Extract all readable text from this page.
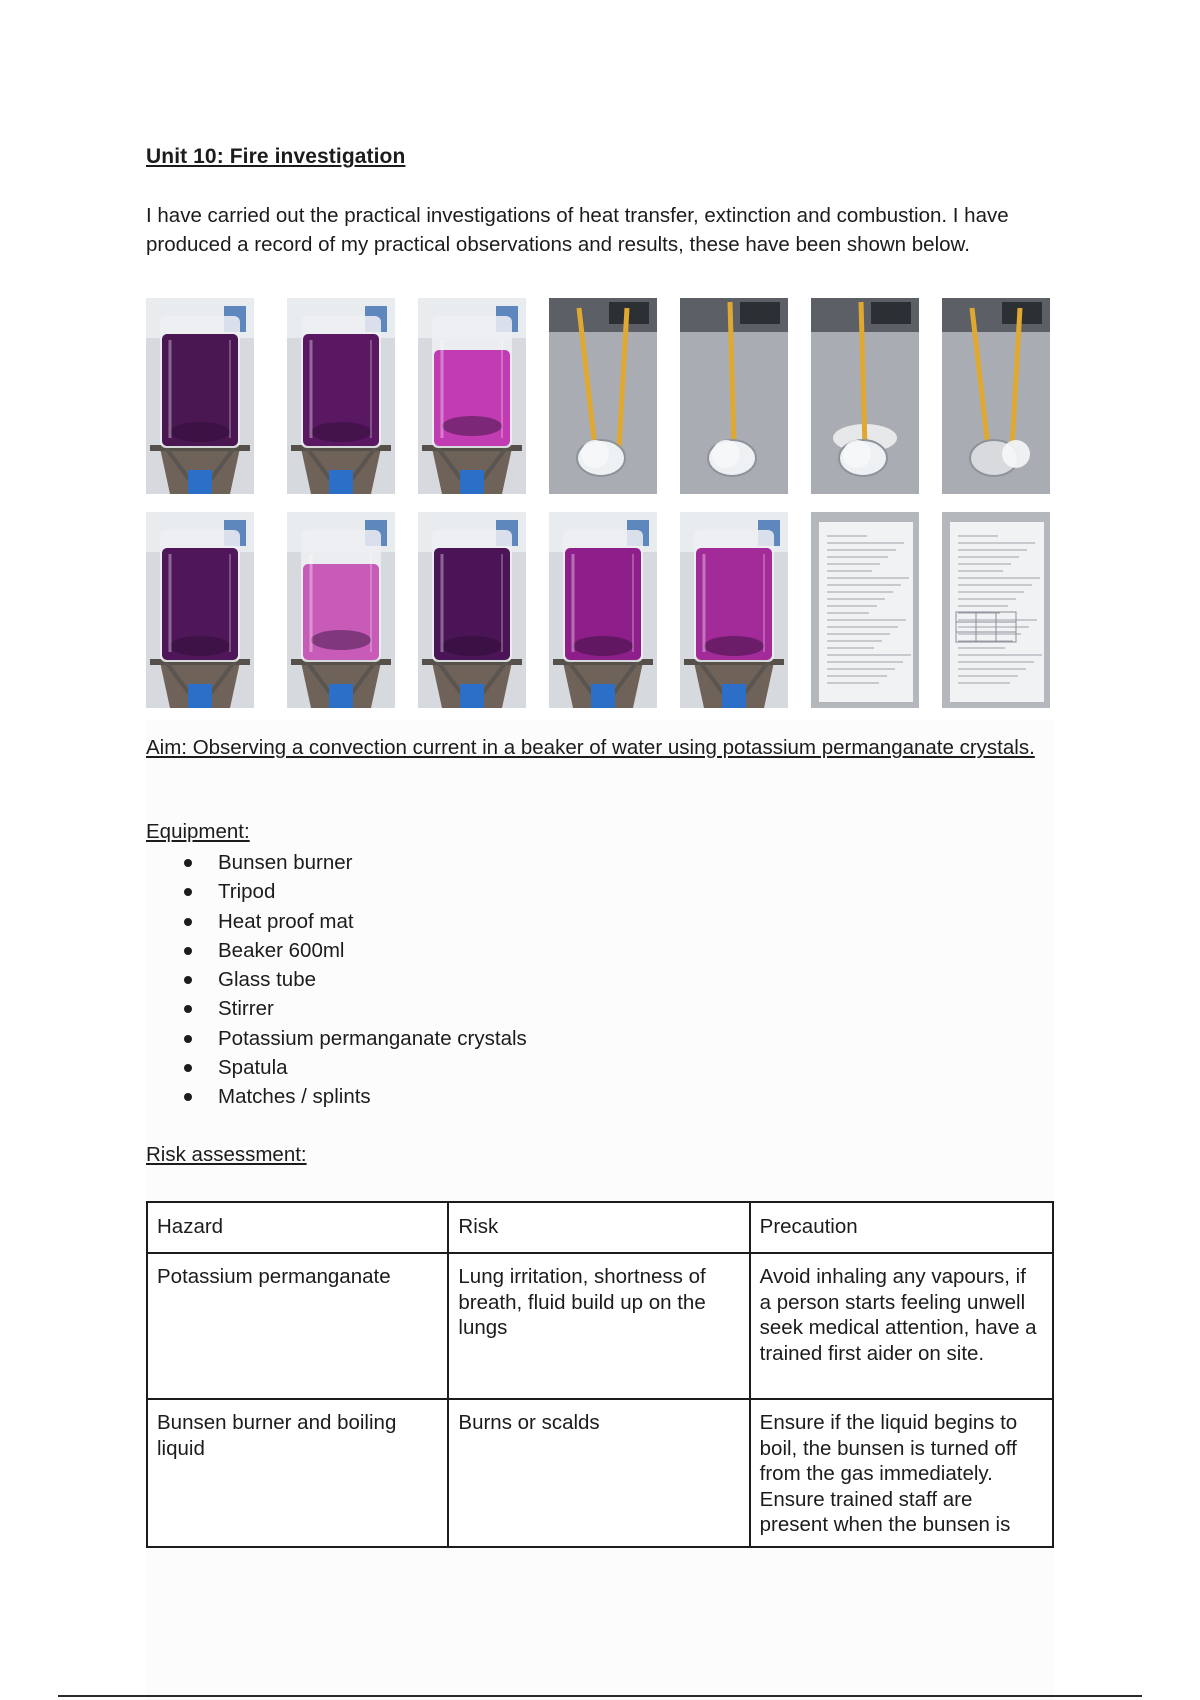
Unit 10: Fire investigation

I have carried out the practical investigations of heat transfer, extinction and combustion. I have produced a record of my practical observations and results, these have been shown below.

Aim: Observing a convection current in a beaker of water using potassium permanganate crystals.

Equipment:
Bunsen burner
Tripod
Heat proof mat
Beaker 600ml
Glass tube
Stirrer
Potassium permanganate crystals
Spatula
Matches / splints
Risk assessment:
Hazard	Risk	Precaution
Potassium permanganate	Lung irritation, shortness of breath, fluid build up on the lungs	Avoid inhaling any vapours, if a person starts feeling unwell seek medical attention, have a trained first aider on site.
Bunsen burner and boiling liquid	Burns or scalds	Ensure if the liquid begins to boil, the bunsen is turned off from the gas immediately. Ensure trained staff are present when the bunsen is
